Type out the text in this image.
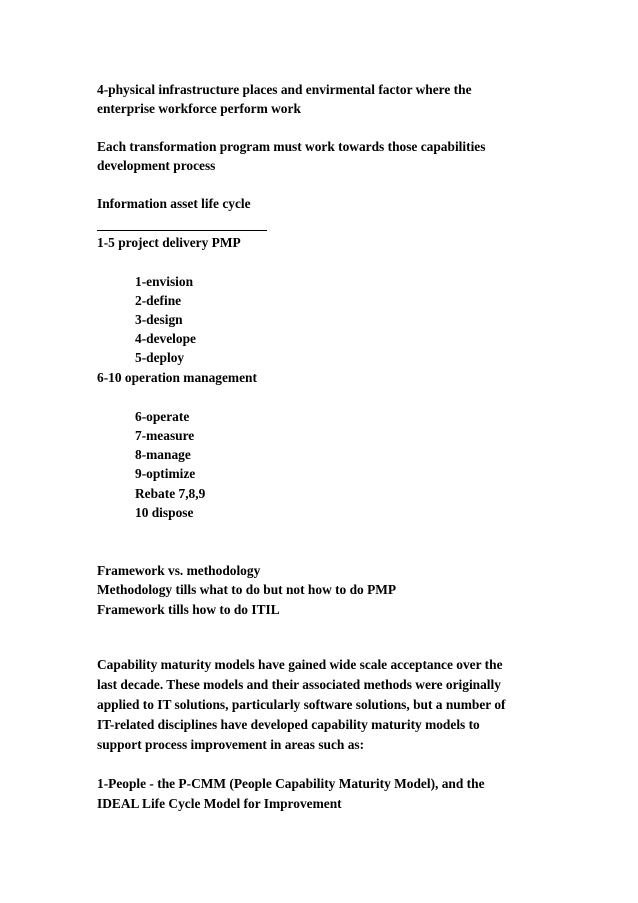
4-physical infrastructure places and envirmental factor where the
enterprise workforce perform work
Each transformation program must work towards those capabilities
development process
Information asset life cycle
1-5 project delivery PMP
1-envision
2-define
3-design
4-develope
5-deploy
6-10 operation management
6-operate
7-measure
8-manage
9-optimize
Rebate 7,8,9
10 dispose
Framework vs. methodology
Methodology tills what to do but not how to do PMP
Framework tills how to do ITIL
Capability maturity models have gained wide scale acceptance over the
last decade. These models and their associated methods were originally
applied to IT solutions, particularly software solutions, but a number of
IT-related disciplines have developed capability maturity models to
support process improvement in areas such as:
1-People - the P-CMM (People Capability Maturity Model), and the
IDEAL Life Cycle Model for Improvement
